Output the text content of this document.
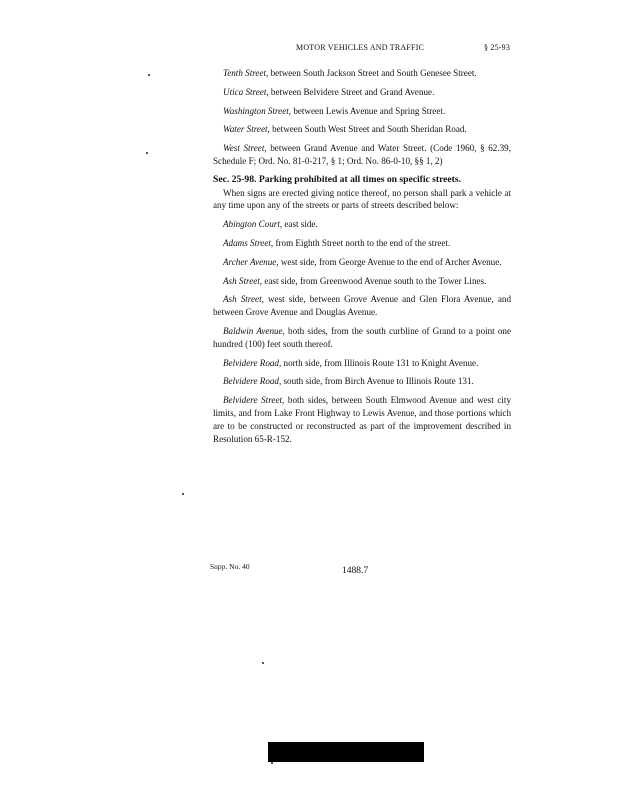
MOTOR VEHICLES AND TRAFFIC	§ 25-93

Tenth Street, between South Jackson Street and South Genesee Street.

Utica Street, between Belvidere Street and Grand Avenue.

Washington Street, between Lewis Avenue and Spring Street.

Water Street, between South West Street and South Sheridan Road.

West Street, between Grand Avenue and Water Street. (Code 1960, § 62.39, Schedule F; Ord. No. 81-0-217, § 1; Ord. No. 86-0-10, §§ 1, 2)

Sec. 25-98. Parking prohibited at all times on specific streets.

When signs are erected giving notice thereof, no person shall park a vehicle at any time upon any of the streets or parts of streets described below:

Abington Court, east side.

Adams Street, from Eighth Street north to the end of the street.

Archer Avenue, west side, from George Avenue to the end of Archer Avenue.

Ash Street, east side, from Greenwood Avenue south to the Tower Lines.

Ash Street, west side, between Grove Avenue and Glen Flora Avenue, and between Grove Avenue and Douglas Avenue.

Baldwin Avenue, both sides, from the south curbline of Grand to a point one hundred (100) feet south thereof.

Belvidere Road, north side, from Illinois Route 131 to Knight Avenue.

Belvidere Road, south side, from Birch Avenue to Illinois Route 131.

Belvidere Street, both sides, between South Elmwood Avenue and west city limits, and from Lake Front Highway to Lewis Avenue, and those portions which are to be constructed or reconstructed as part of the improvement described in Resolution 65-R-152.

Supp. No. 40	1488.7
